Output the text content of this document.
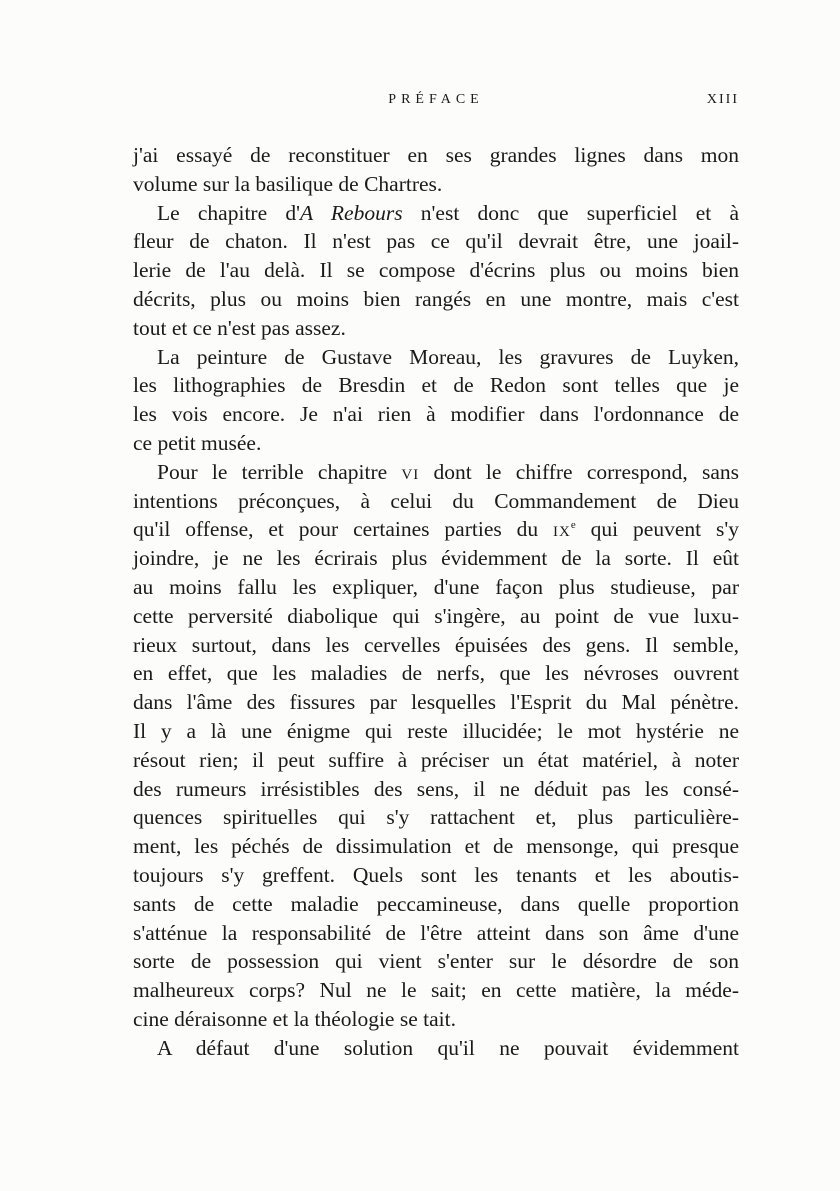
PRÉFACE	XIII
j'ai essayé de reconstituer en ses grandes lignes dans mon
volume sur la basilique de Chartres.
Le chapitre d'A Rebours n'est donc que superficiel et à
fleur de chaton. Il n'est pas ce qu'il devrait être, une joail-
lerie de l'au delà. Il se compose d'écrins plus ou moins bien
décrits, plus ou moins bien rangés en une montre, mais c'est
tout et ce n'est pas assez.
La peinture de Gustave Moreau, les gravures de Luyken,
les lithographies de Bresdin et de Redon sont telles que je
les vois encore. Je n'ai rien à modifier dans l'ordonnance de
ce petit musée.
Pour le terrible chapitre VI dont le chiffre correspond, sans
intentions préconçues, à celui du Commandement de Dieu
qu'il offense, et pour certaines parties du IXe qui peuvent s'y
joindre, je ne les écrirais plus évidemment de la sorte. Il eût
au moins fallu les expliquer, d'une façon plus studieuse, par
cette perversité diabolique qui s'ingère, au point de vue luxu-
rieux surtout, dans les cervelles épuisées des gens. Il semble,
en effet, que les maladies de nerfs, que les névroses ouvrent
dans l'âme des fissures par lesquelles l'Esprit du Mal pénètre.
Il y a là une énigme qui reste illucidée; le mot hystérie ne
résout rien; il peut suffire à préciser un état matériel, à noter
des rumeurs irrésistibles des sens, il ne déduit pas les consé-
quences spirituelles qui s'y rattachent et, plus particulière-
ment, les péchés de dissimulation et de mensonge, qui presque
toujours s'y greffent. Quels sont les tenants et les aboutis-
sants de cette maladie peccamineuse, dans quelle proportion
s'atténue la responsabilité de l'être atteint dans son âme d'une
sorte de possession qui vient s'enter sur le désordre de son
malheureux corps? Nul ne le sait; en cette matière, la méde-
cine déraisonne et la théologie se tait.
A défaut d'une solution qu'il ne pouvait évidemment
